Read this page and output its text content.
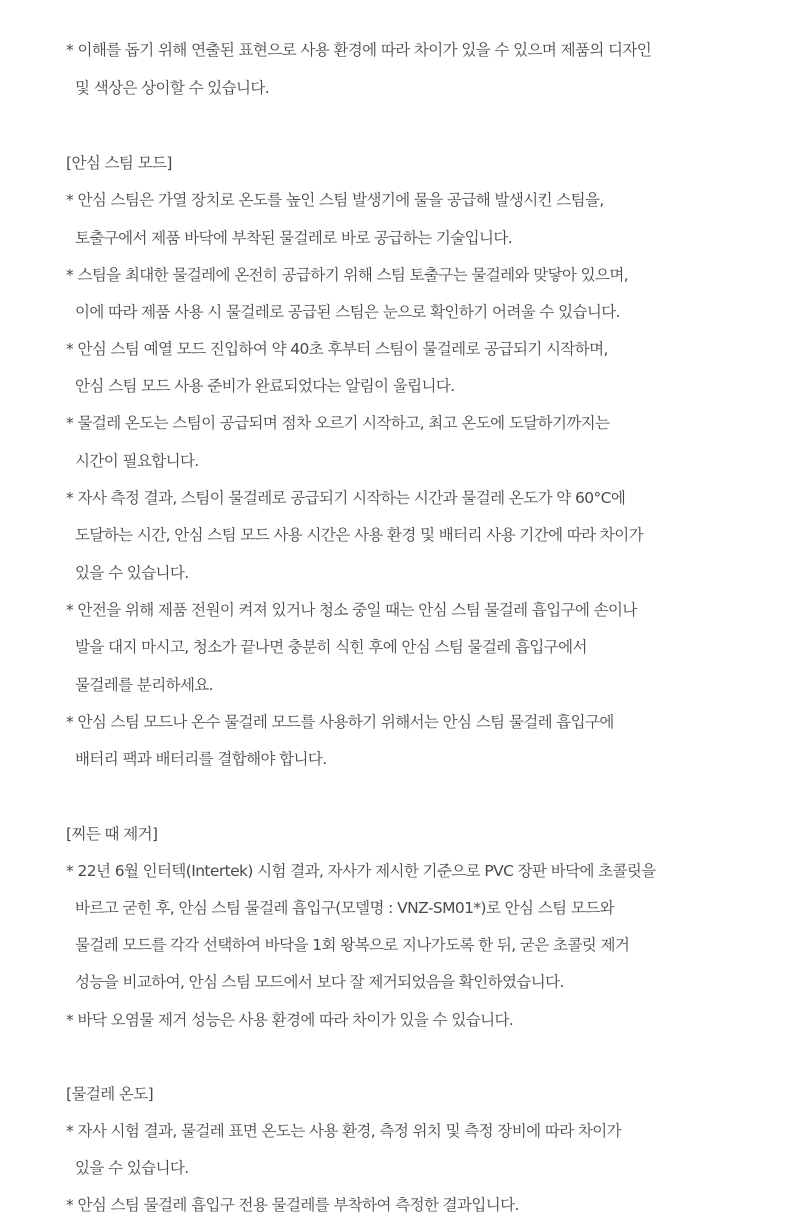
* 이해를 돕기 위해 연출된 표현으로 사용 환경에 따라 차이가 있을 수 있으며 제품의 디자인
및 색상은 상이할 수 있습니다.
[안심 스팀 모드]
* 안심 스팀은 가열 장치로 온도를 높인 스팀 발생기에 물을 공급해 발생시킨 스팀을,
토출구에서 제품 바닥에 부착된 물걸레로 바로 공급하는 기술입니다.
* 스팀을 최대한 물걸레에 온전히 공급하기 위해 스팀 토출구는 물걸레와 맞닿아 있으며,
이에 따라 제품 사용 시 물걸레로 공급된 스팀은 눈으로 확인하기 어려울 수 있습니다.
* 안심 스팀 예열 모드 진입하여 약 40초 후부터 스팀이 물걸레로 공급되기 시작하며,
안심 스팀 모드 사용 준비가 완료되었다는 알림이 울립니다.
* 물걸레 온도는 스팀이 공급되며 점차 오르기 시작하고, 최고 온도에 도달하기까지는
시간이 필요합니다.
* 자사 측정 결과, 스팀이 물걸레로 공급되기 시작하는 시간과 물걸레 온도가 약 60°C에
도달하는 시간, 안심 스팀 모드 사용 시간은 사용 환경 및 배터리 사용 기간에 따라 차이가
있을 수 있습니다.
* 안전을 위해 제품 전원이 켜져 있거나 청소 중일 때는 안심 스팀 물걸레 흡입구에 손이나
발을 대지 마시고, 청소가 끝나면 충분히 식힌 후에 안심 스팀 물걸레 흡입구에서
물걸레를 분리하세요.
* 안심 스팀 모드나 온수 물걸레 모드를 사용하기 위해서는 안심 스팀 물걸레 흡입구에
배터리 팩과 배터리를 결합해야 합니다.
[찌든 때 제거]
* 22년 6월 인터텍(Intertek) 시험 결과, 자사가 제시한 기준으로 PVC 장판 바닥에 초콜릿을
바르고 굳힌 후, 안심 스팀 물걸레 흡입구(모델명 : VNZ-SM01*)로 안심 스팀 모드와
물걸레 모드를 각각 선택하여 바닥을 1회 왕복으로 지나가도록 한 뒤, 굳은 초콜릿 제거
성능을 비교하여, 안심 스팀 모드에서 보다 잘 제거되었음을 확인하였습니다.
* 바닥 오염물 제거 성능은 사용 환경에 따라 차이가 있을 수 있습니다.
[물걸레 온도]
* 자사 시험 결과, 물걸레 표면 온도는 사용 환경, 측정 위치 및 측정 장비에 따라 차이가
있을 수 있습니다.
* 안심 스팀 물걸레 흡입구 전용 물걸레를 부착하여 측정한 결과입니다.
